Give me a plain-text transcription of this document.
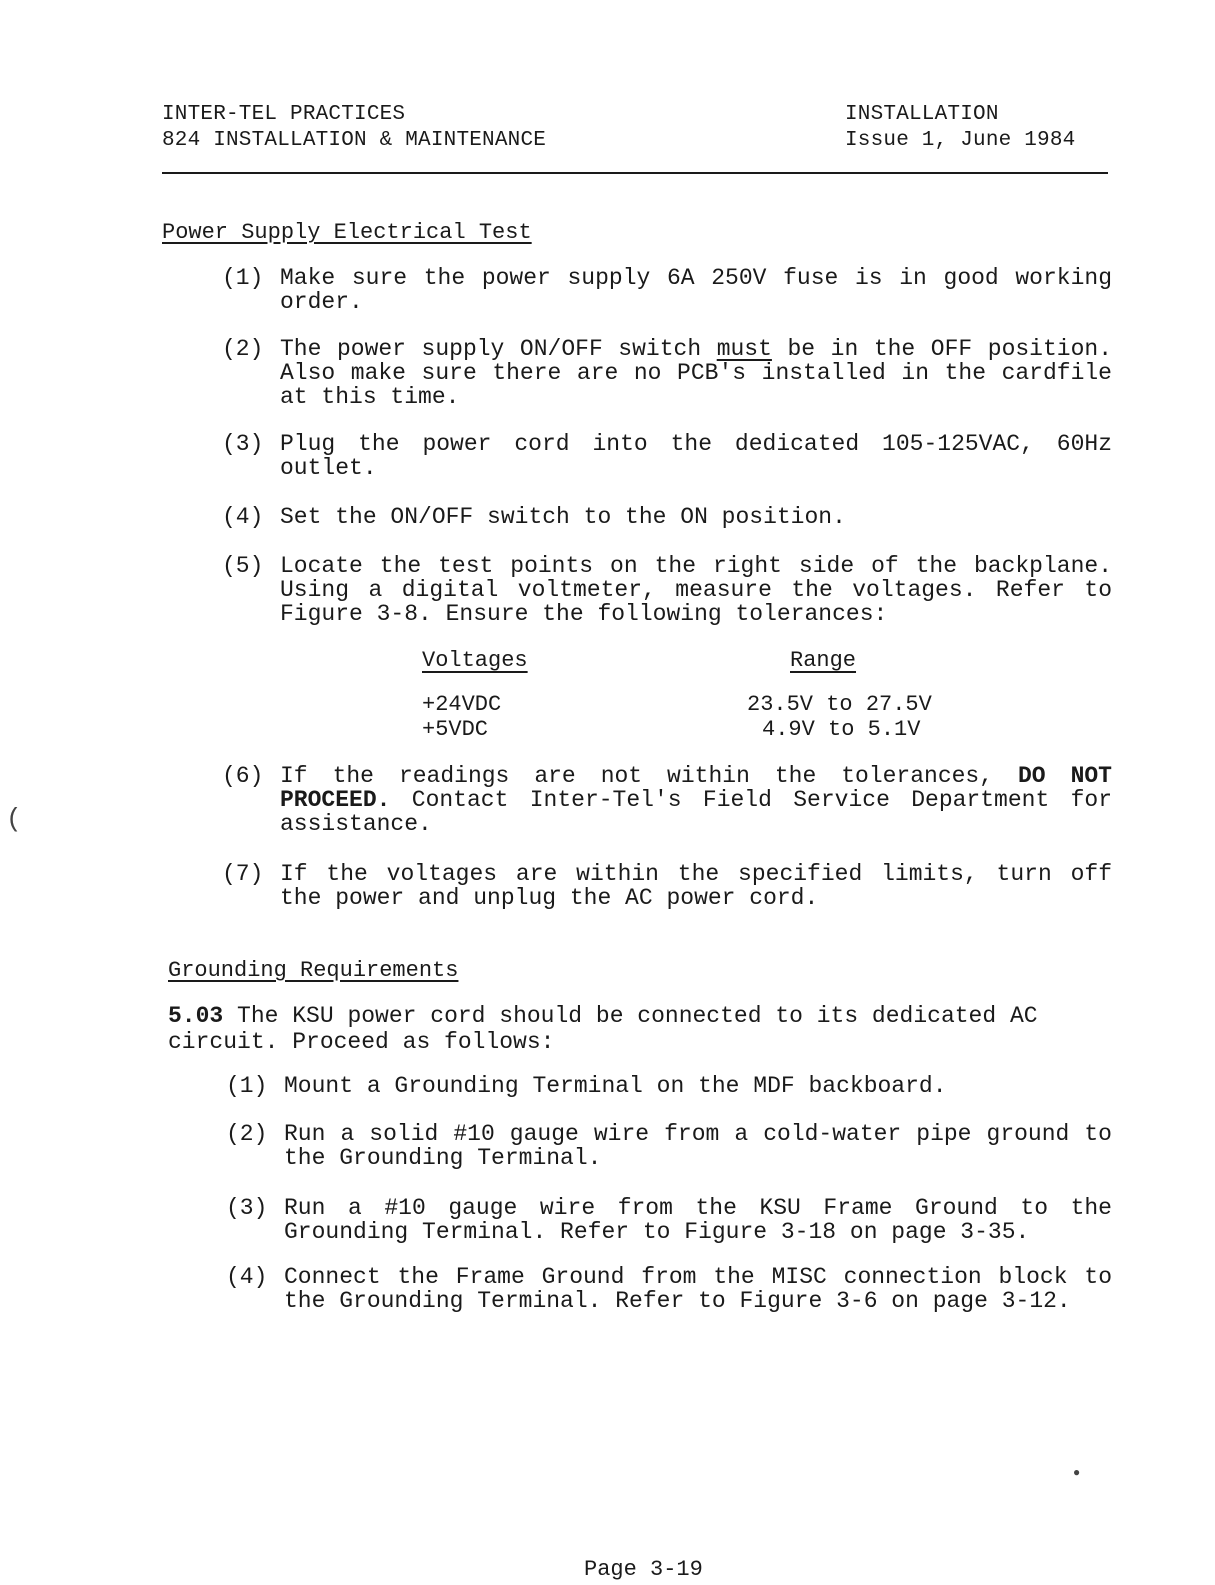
INTER-TEL PRACTICES
824 INSTALLATION & MAINTENANCE
INSTALLATION
Issue 1, June 1984
Power Supply Electrical Test
(1) Make sure the power supply 6A 250V fuse is in good working order.
(2) The power supply ON/OFF switch must be in the OFF position. Also make sure there are no PCB's installed in the cardfile at this time.
(3) Plug the power cord into the dedicated 105-125VAC, 60Hz outlet.
(4) Set the ON/OFF switch to the ON position.
(5) Locate the test points on the right side of the backplane. Using a digital voltmeter, measure the voltages. Refer to Figure 3-8. Ensure the following tolerances:
Voltages	Range
+24VDC	23.5V to 27.5V
+5VDC	4.9V to 5.1V
(6) If the readings are not within the tolerances, DO NOT PROCEED. Contact Inter-Tel's Field Service Department for assistance.
(7) If the voltages are within the specified limits, turn off the power and unplug the AC power cord.
Grounding Requirements
5.03 The KSU power cord should be connected to its dedicated AC circuit. Proceed as follows:
(1) Mount a Grounding Terminal on the MDF backboard.
(2) Run a solid #10 gauge wire from a cold-water pipe ground to the Grounding Terminal.
(3) Run a #10 gauge wire from the KSU Frame Ground to the Grounding Terminal. Refer to Figure 3-18 on page 3-35.
(4) Connect the Frame Ground from the MISC connection block to the Grounding Terminal. Refer to Figure 3-6 on page 3-12.
Page 3-19
(
●
